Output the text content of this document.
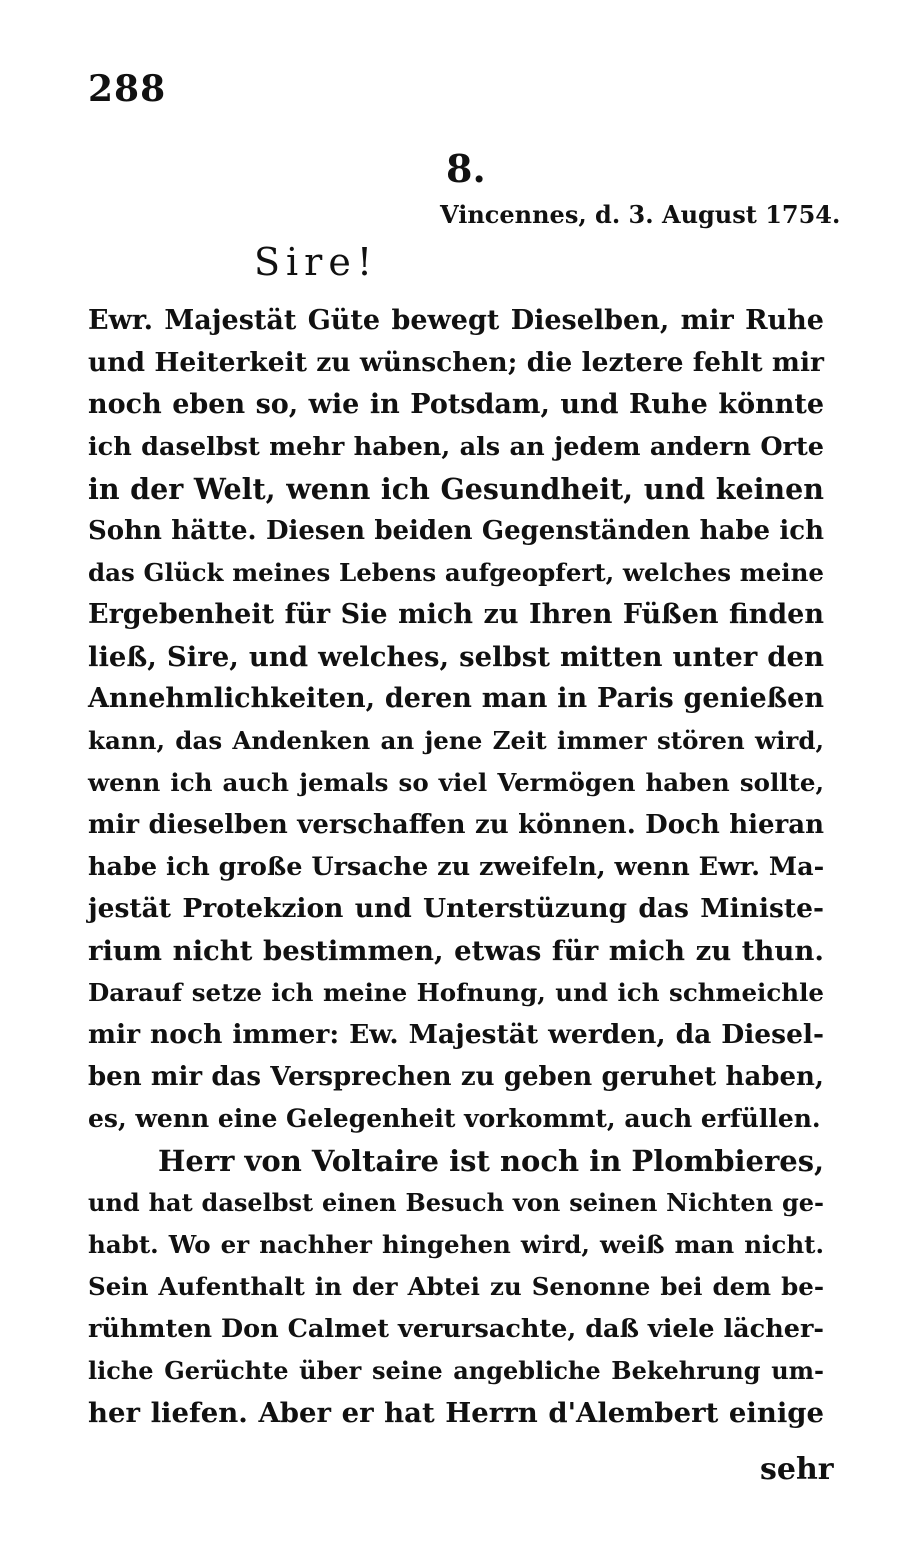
288
8.
Vincennes, d. 3. August 1754.
Sire!
Ewr. Majestät Güte bewegt Dieselben, mir Ruhe
und Heiterkeit zu wünschen; die leztere fehlt mir
noch eben so, wie in Potsdam, und Ruhe könnte
ich daselbst mehr haben, als an jedem andern Orte
in der Welt, wenn ich Gesundheit, und keinen
Sohn hätte. Diesen beiden Gegenständen habe ich
das Glück meines Lebens aufgeopfert, welches meine
Ergebenheit für Sie mich zu Ihren Füßen finden
ließ, Sire, und welches, selbst mitten unter den
Annehmlichkeiten, deren man in Paris genießen
kann, das Andenken an jene Zeit immer stören wird,
wenn ich auch jemals so viel Vermögen haben sollte,
mir dieselben verschaffen zu können. Doch hieran
habe ich große Ursache zu zweifeln, wenn Ewr. Ma-
jestät Protekzion und Unterstüzung das Ministe-
rium nicht bestimmen, etwas für mich zu thun.
Darauf setze ich meine Hofnung, und ich schmeichle
mir noch immer: Ew. Majestät werden, da Diesel-
ben mir das Versprechen zu geben geruhet haben,
es, wenn eine Gelegenheit vorkommt, auch erfüllen.
Herr von Voltaire ist noch in Plombieres,
und hat daselbst einen Besuch von seinen Nichten ge-
habt. Wo er nachher hingehen wird, weiß man nicht.
Sein Aufenthalt in der Abtei zu Senonne bei dem be-
rühmten Don Calmet verursachte, daß viele lächer-
liche Gerüchte über seine angebliche Bekehrung um-
her liefen. Aber er hat Herrn d'Alembert einige
sehr
